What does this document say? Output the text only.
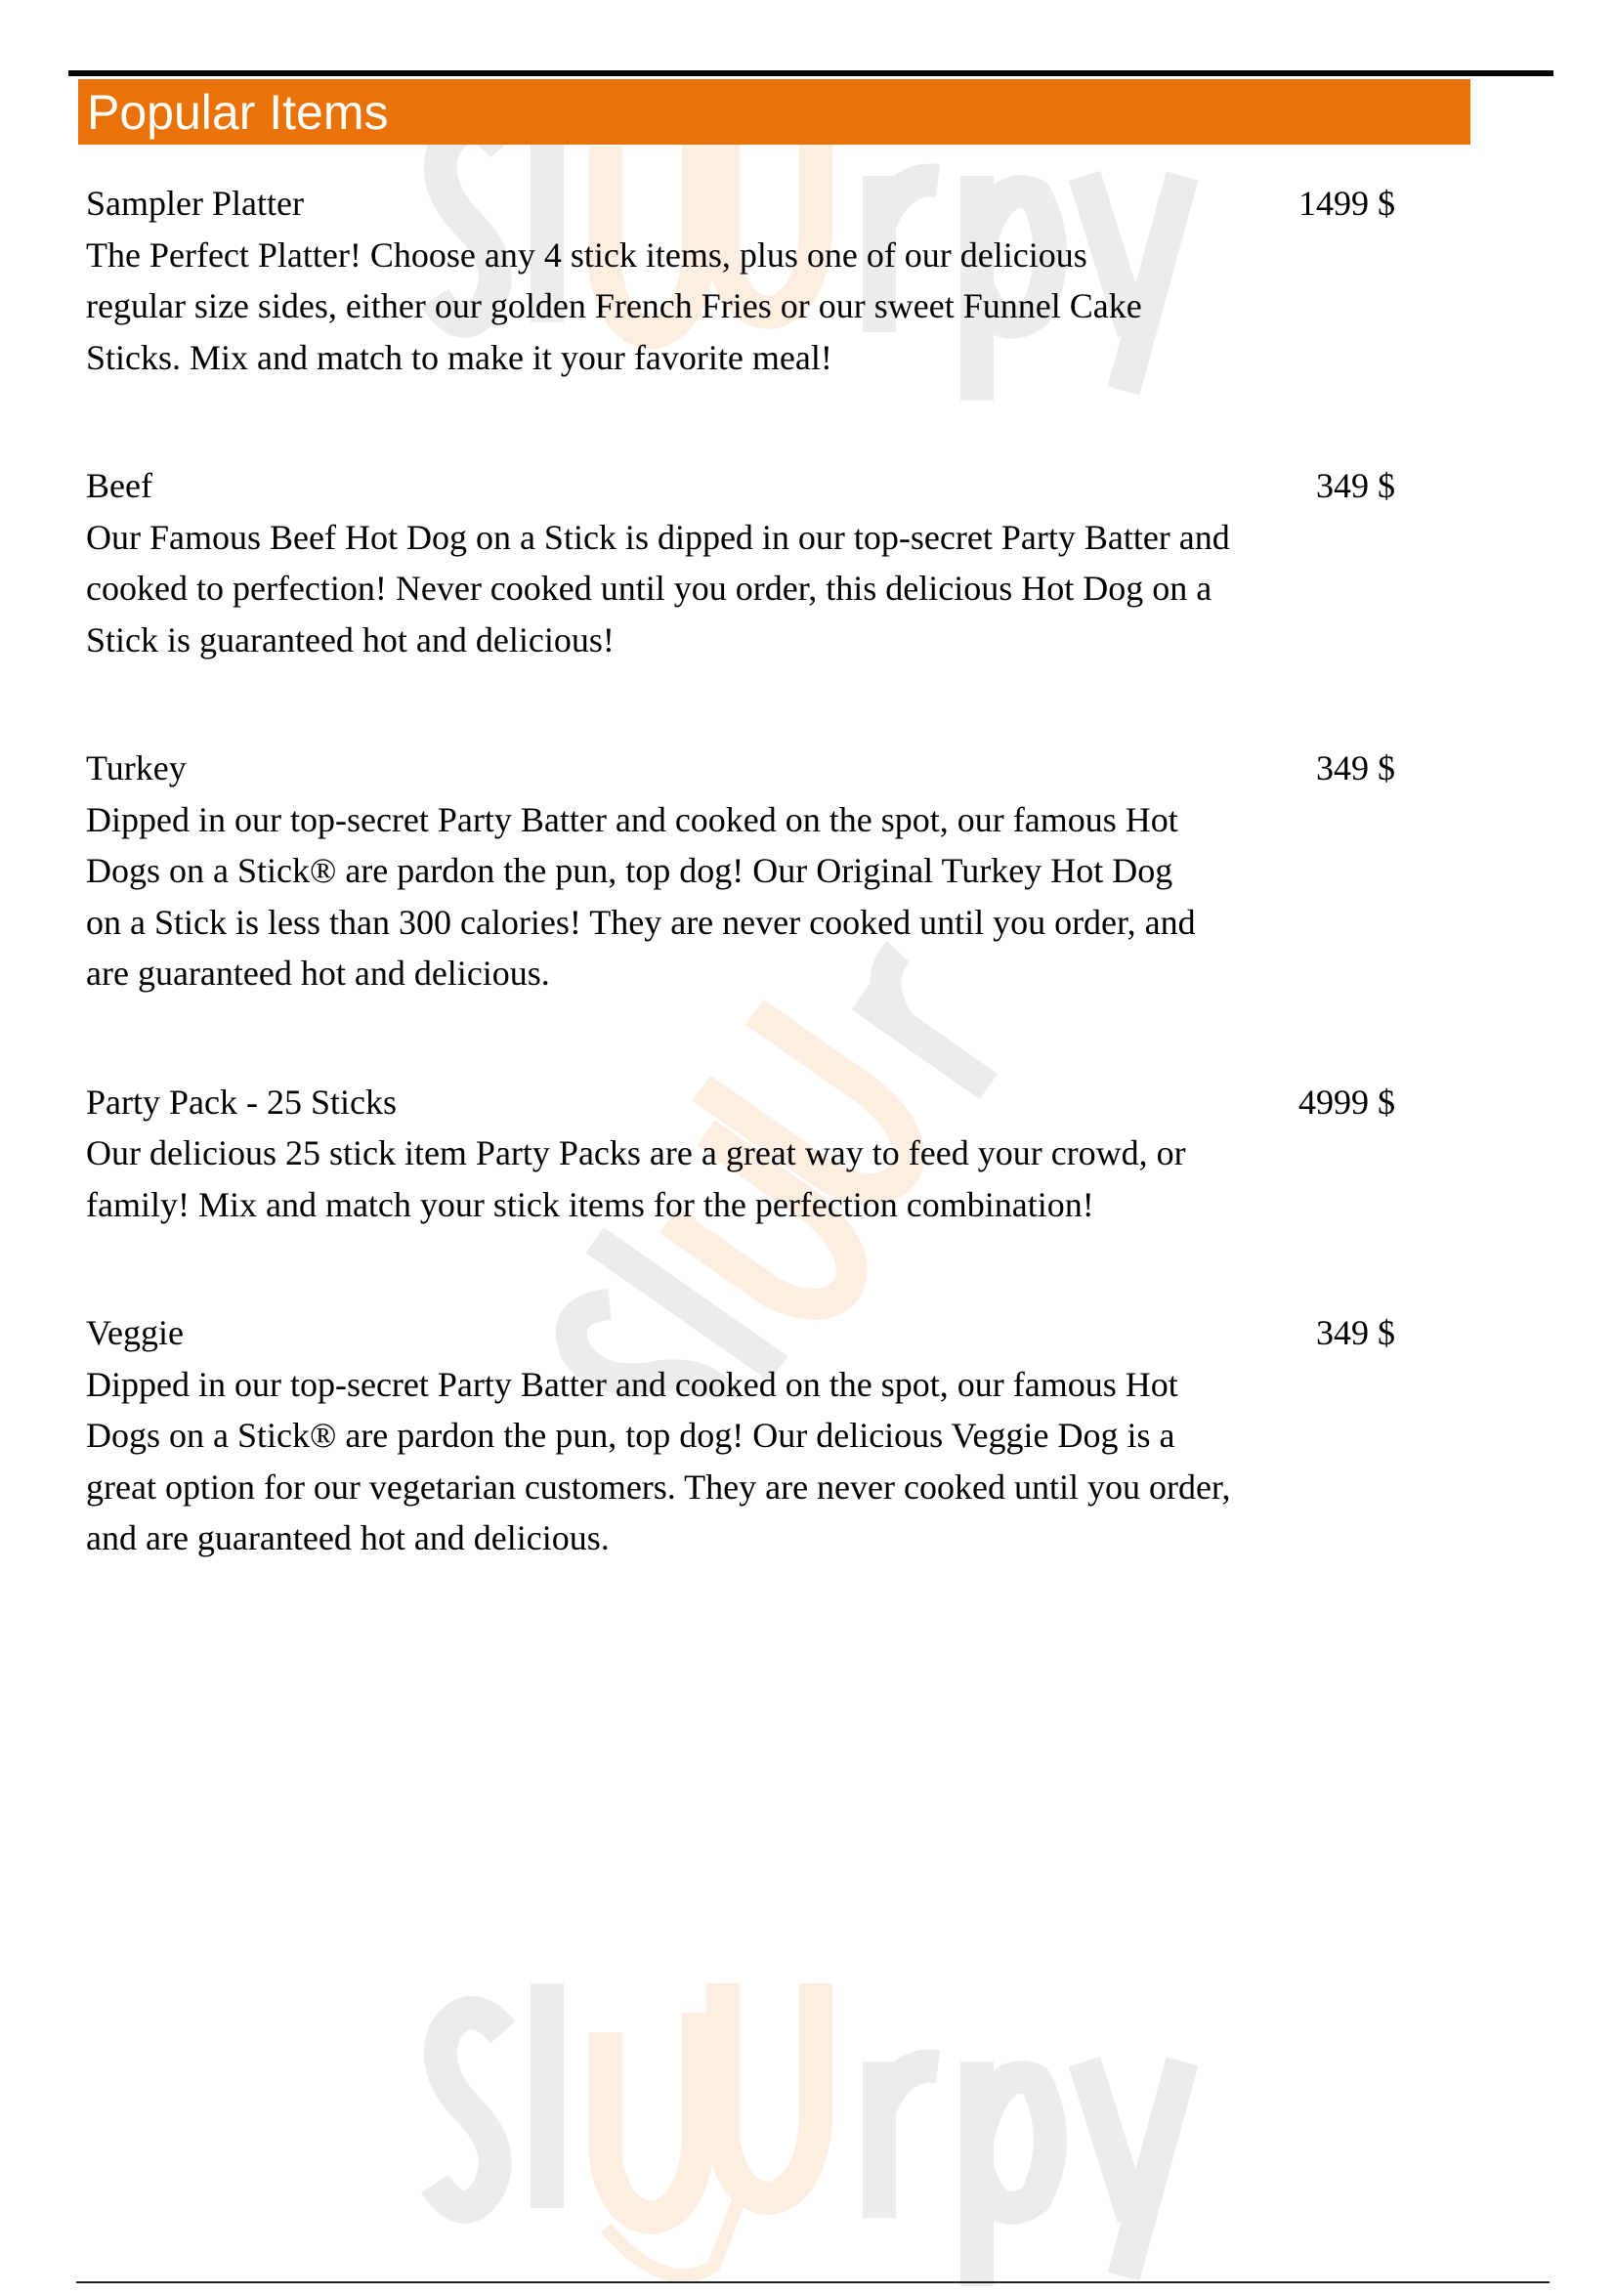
Popular Items
Sampler Platter	1499 $
The Perfect Platter! Choose any 4 stick items, plus one of our delicious regular size sides, either our golden French Fries or our sweet Funnel Cake Sticks. Mix and match to make it your favorite meal!
Beef	349 $
Our Famous Beef Hot Dog on a Stick is dipped in our top-secret Party Batter and cooked to perfection! Never cooked until you order, this delicious Hot Dog on a Stick is guaranteed hot and delicious!
Turkey	349 $
Dipped in our top-secret Party Batter and cooked on the spot, our famous Hot Dogs on a Stick® are pardon the pun, top dog! Our Original Turkey Hot Dog on a Stick is less than 300 calories! They are never cooked until you order, and are guaranteed hot and delicious.
Party Pack - 25 Sticks	4999 $
Our delicious 25 stick item Party Packs are a great way to feed your crowd, or family! Mix and match your stick items for the perfection combination!
Veggie	349 $
Dipped in our top-secret Party Batter and cooked on the spot, our famous Hot Dogs on a Stick® are pardon the pun, top dog! Our delicious Veggie Dog is a great option for our vegetarian customers. They are never cooked until you order, and are guaranteed hot and delicious.
